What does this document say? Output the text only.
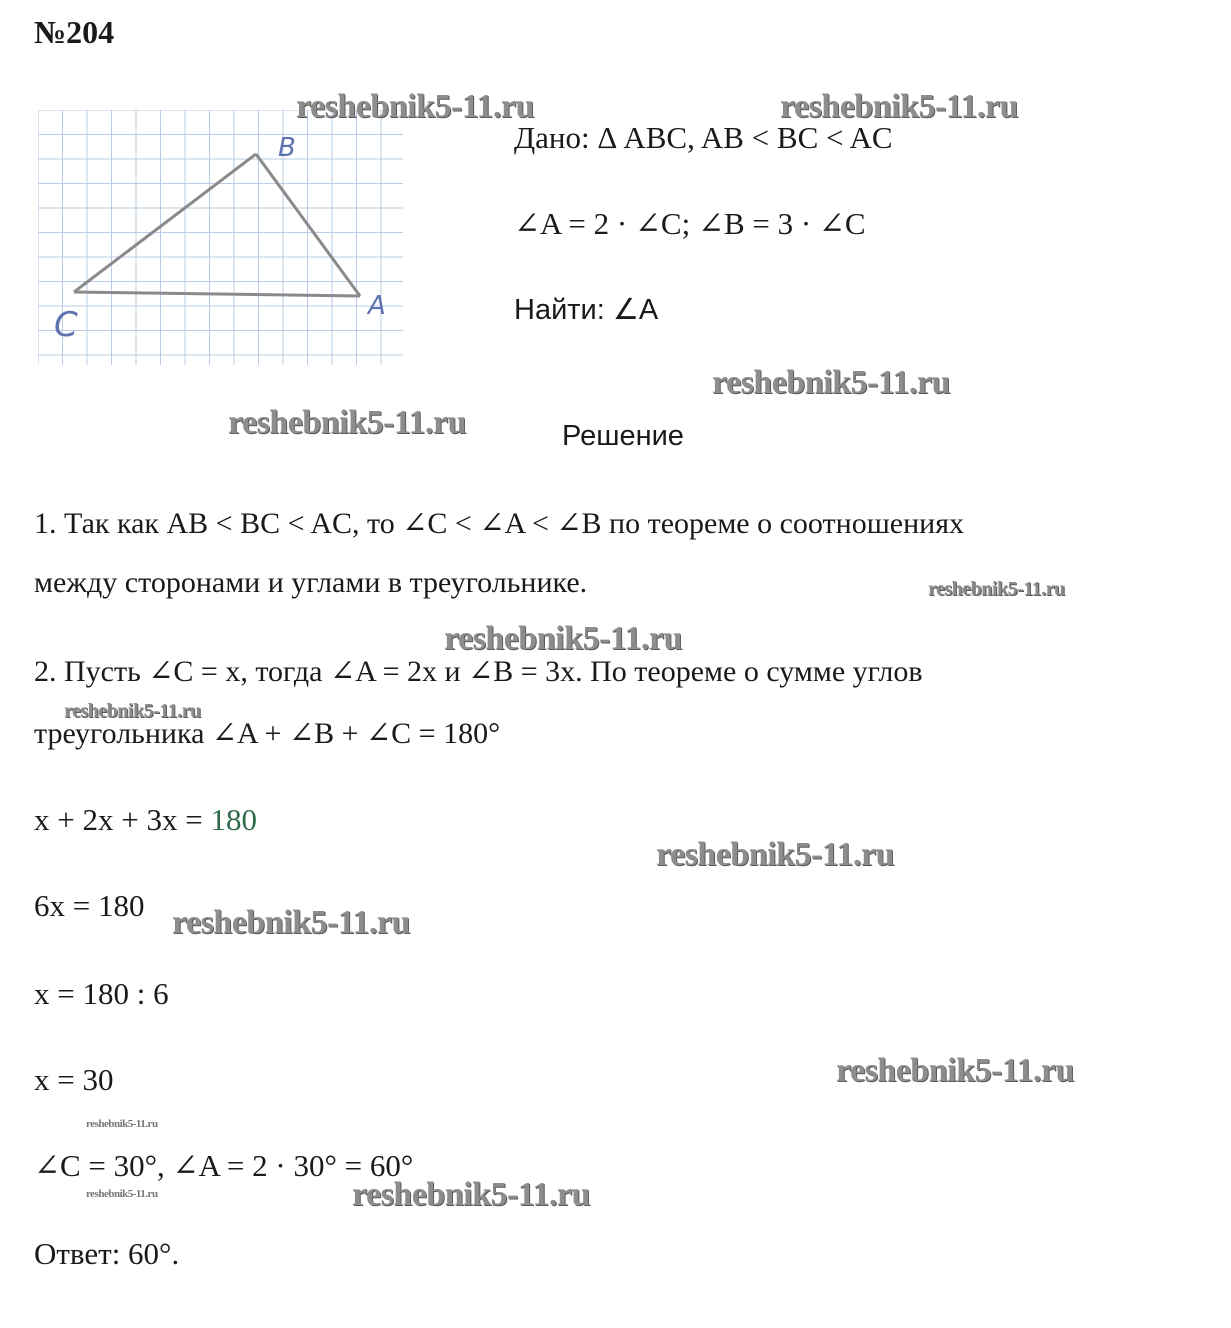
№204
B
A
C
Дано: Δ ABC, AB < BC < AC
∠A = 2 · ∠C; ∠B = 3 · ∠C
Найти: ∠A
Решение
1. Так как AB < BC < AC, то ∠C < ∠A < ∠B по теореме о соотношениях
между сторонами и углами в треугольнике.
2. Пусть ∠C = x, тогда ∠A = 2x и ∠B = 3x. По теореме о сумме углов
треугольника ∠A + ∠B + ∠C = 180°
x + 2x + 3x = 180
6x = 180
x = 180 : 6
x = 30
∠C = 30°, ∠A = 2 · 30° = 60°
Ответ: 60°.
reshebnik5-11.ru	reshebnik5-11.ru
reshebnik5-11.ru
reshebnik5-11.ru
reshebnik5-11.ru
reshebnik5-11.ru
reshebnik5-11.ru
reshebnik5-11.ru
reshebnik5-11.ru
reshebnik5-11.ru
reshebnik5-11.ru
reshebnik5-11.ru	reshebnik5-11.ru
